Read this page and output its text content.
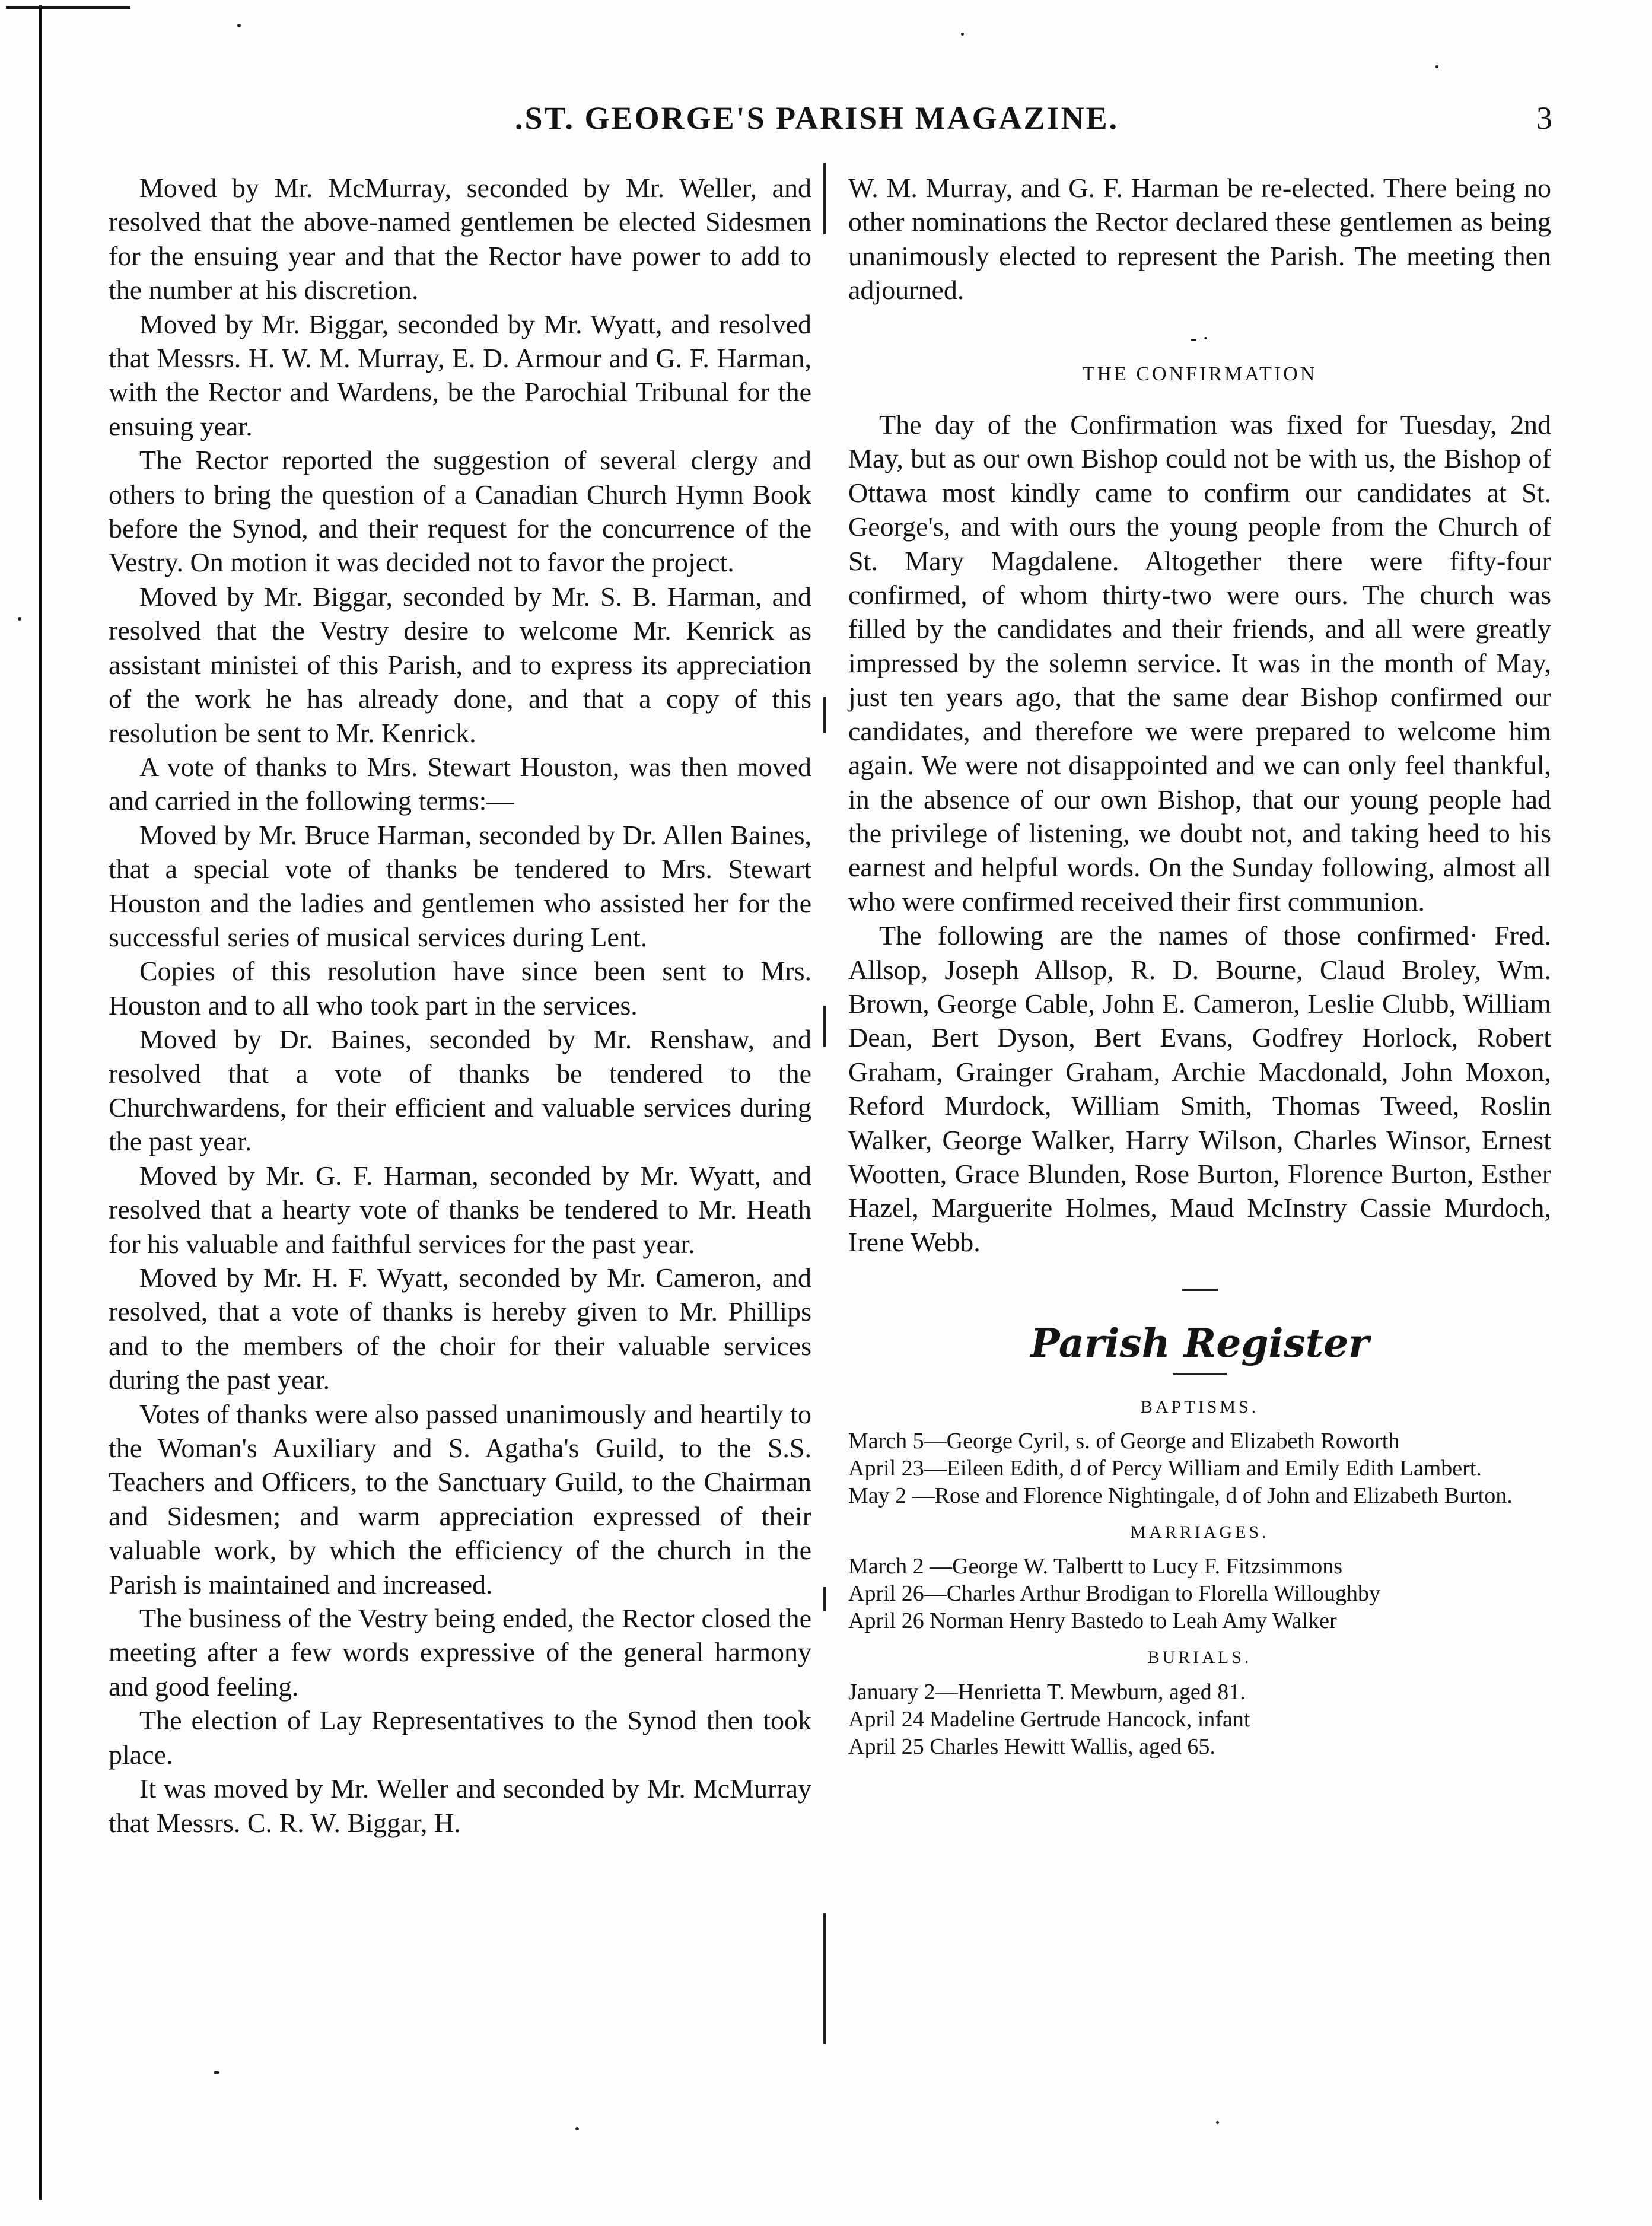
.ST. GEORGE'S PARISH MAGAZINE.	3

Moved by Mr. McMurray, seconded by Mr. Weller, and resolved that the above-named gentlemen be elected Sidesmen for the ensuing year and that the Rector have power to add to the number at his discretion.

Moved by Mr. Biggar, seconded by Mr. Wyatt, and resolved that Messrs. H. W. M. Murray, E. D. Armour and G. F. Harman, with the Rector and Wardens, be the Parochial Tribunal for the ensuing year.

The Rector reported the suggestion of several clergy and others to bring the question of a Canadian Church Hymn Book before the Synod, and their request for the concurrence of the Vestry. On motion it was decided not to favor the project.

Moved by Mr. Biggar, seconded by Mr. S. B. Harman, and resolved that the Vestry desire to welcome Mr. Kenrick as assistant ministei of this Parish, and to express its appreciation of the work he has already done, and that a copy of this resolution be sent to Mr. Kenrick.

A vote of thanks to Mrs. Stewart Houston, was then moved and carried in the following terms:—

Moved by Mr. Bruce Harman, seconded by Dr. Allen Baines, that a special vote of thanks be tendered to Mrs. Stewart Houston and the ladies and gentlemen who assisted her for the successful series of musical services during Lent.

Copies of this resolution have since been sent to Mrs. Houston and to all who took part in the services.

Moved by Dr. Baines, seconded by Mr. Renshaw, and resolved that a vote of thanks be tendered to the Churchwardens, for their efficient and valuable services during the past year.

Moved by Mr. G. F. Harman, seconded by Mr. Wyatt, and resolved that a hearty vote of thanks be tendered to Mr. Heath for his valuable and faithful services for the past year.

Moved by Mr. H. F. Wyatt, seconded by Mr. Cameron, and resolved, that a vote of thanks is hereby given to Mr. Phillips and to the members of the choir for their valuable services during the past year.

Votes of thanks were also passed unanimously and heartily to the Woman's Auxiliary and S. Agatha's Guild, to the S.S. Teachers and Officers, to the Sanctuary Guild, to the Chairman and Sidesmen; and warm appreciation expressed of their valuable work, by which the efficiency of the church in the Parish is maintained and increased.

The business of the Vestry being ended, the Rector closed the meeting after a few words expressive of the general harmony and good feeling.

The election of Lay Representatives to the Synod then took place.

It was moved by Mr. Weller and seconded by Mr. McMurray that Messrs. C. R. W. Biggar, H.

W. M. Murray, and G. F. Harman be re-elected. There being no other nominations the Rector declared these gentlemen as being unanimously elected to represent the Parish. The meeting then adjourned.

- ·
THE CONFIRMATION

The day of the Confirmation was fixed for Tuesday, 2nd May, but as our own Bishop could not be with us, the Bishop of Ottawa most kindly came to confirm our candidates at St. George's, and with ours the young people from the Church of St. Mary Magdalene. Altogether there were fifty-four confirmed, of whom thirty-two were ours. The church was filled by the candidates and their friends, and all were greatly impressed by the solemn service. It was in the month of May, just ten years ago, that the same dear Bishop confirmed our candidates, and therefore we were prepared to welcome him again. We were not disappointed and we can only feel thankful, in the absence of our own Bishop, that our young people had the privilege of listening, we doubt not, and taking heed to his earnest and helpful words. On the Sunday following, almost all who were confirmed received their first communion.

The following are the names of those confirmed· Fred. Allsop, Joseph Allsop, R. D. Bourne, Claud Broley, Wm. Brown, George Cable, John E. Cameron, Leslie Clubb, William Dean, Bert Dyson, Bert Evans, Godfrey Horlock, Robert Graham, Grainger Graham, Archie Macdonald, John Moxon, Reford Murdock, William Smith, Thomas Tweed, Roslin Walker, George Walker, Harry Wilson, Charles Winsor, Ernest Wootten, Grace Blunden, Rose Burton, Florence Burton, Esther Hazel, Marguerite Holmes, Maud McInstry Cassie Murdoch, Irene Webb.

Parish Register
BAPTISMS.

March 5—George Cyril, s. of George and Elizabeth Roworth

April 23—Eileen Edith, d of Percy William and Emily Edith Lambert.

May 2 —Rose and Florence Nightingale, d of John and Elizabeth Burton.

MARRIAGES.

March 2 —George W. Talbertt to Lucy F. Fitzsimmons

April 26—Charles Arthur Brodigan to Florella Willoughby

April 26 Norman Henry Bastedo to Leah Amy Walker

BURIALS.

January 2—Henrietta T. Mewburn, aged 81.

April 24 Madeline Gertrude Hancock, infant

April 25 Charles Hewitt Wallis, aged 65.
